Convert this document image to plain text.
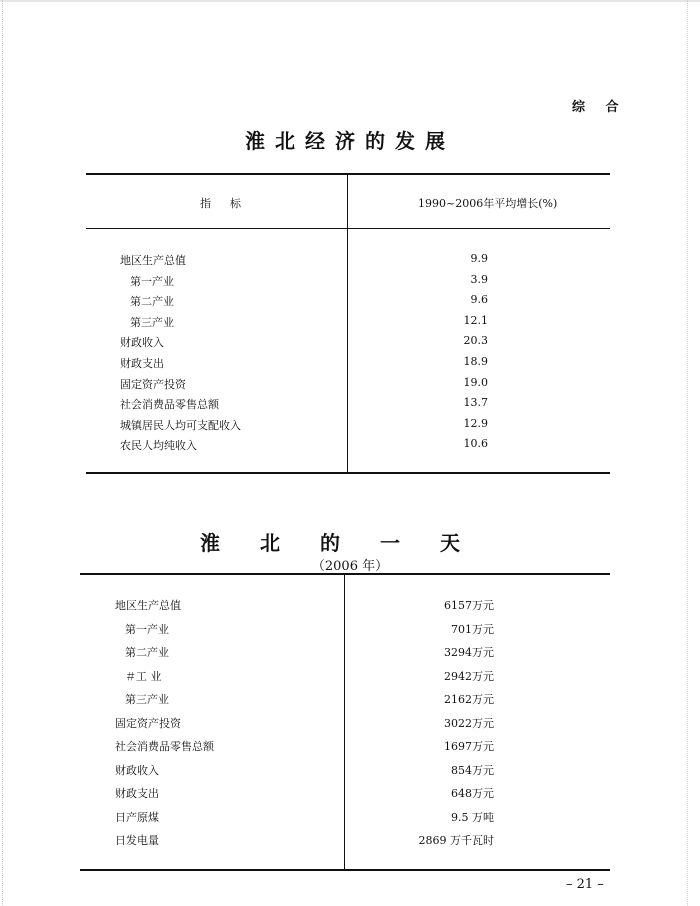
综 合
淮北经济的发展
指　标	1990~2006年平均增长(%)
地区生产总值	9.9
第一产业	3.9
第二产业	9.6
第三产业	12.1
财政收入	20.3
财政支出	18.9
固定资产投资	19.0
社会消费品零售总额	13.7
城镇居民人均可支配收入	12.9
农民人均纯收入	10.6
淮北的一天
（2006 年）
地区生产总值	6157万元
第一产业	701万元
第二产业	3294万元
＃工 业	2942万元
第三产业	2162万元
固定资产投资	3022万元
社会消费品零售总额	1697万元
财政收入	854万元
财政支出	648万元
日产原煤	9.5 万吨
日发电量	2869 万千瓦时
– 21 –
